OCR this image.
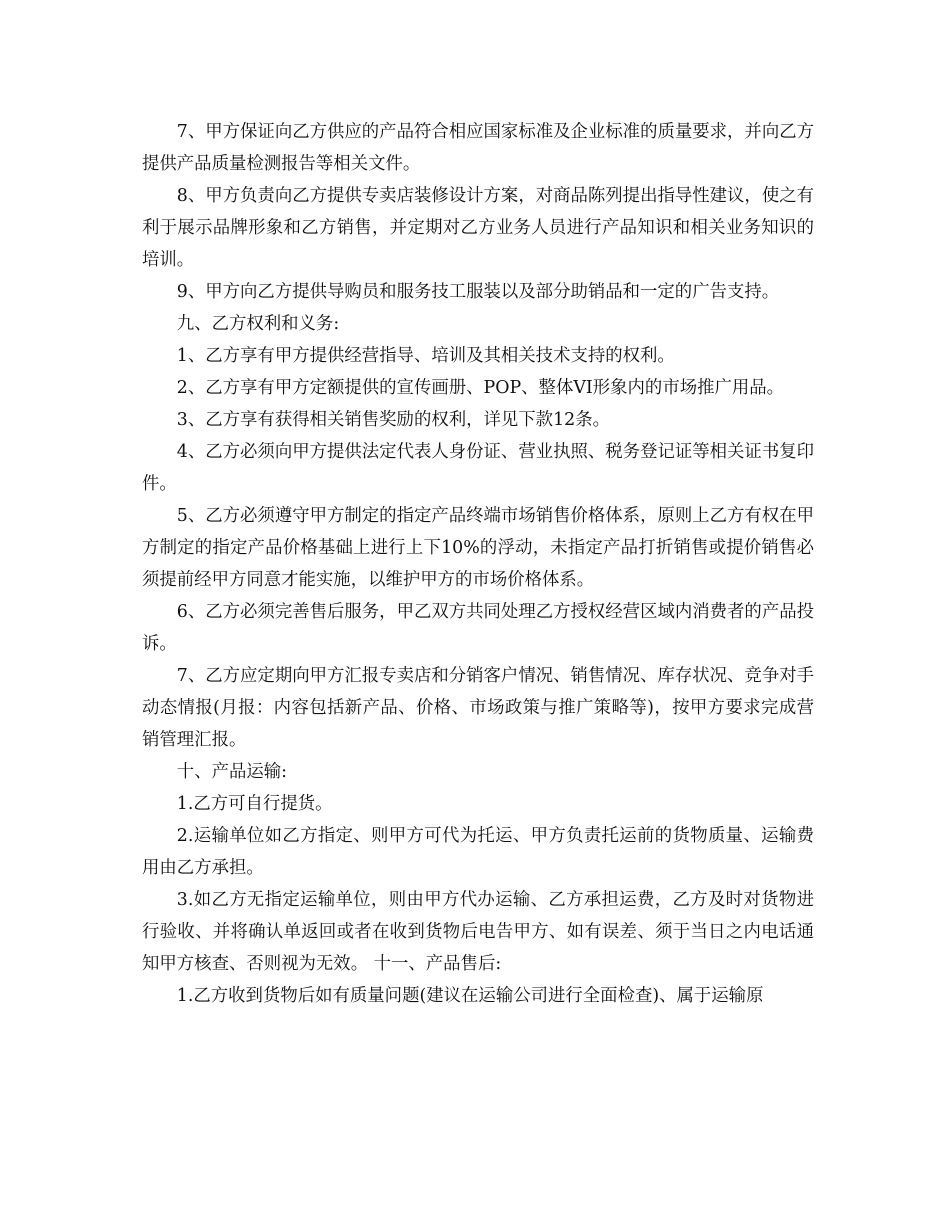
7、甲方保证向乙方供应的产品符合相应国家标准及企业标准的质量要求，并向乙方提供产品质量检测报告等相关文件。

8、甲方负责向乙方提供专卖店装修设计方案，对商品陈列提出指导性建议，使之有利于展示品牌形象和乙方销售，并定期对乙方业务人员进行产品知识和相关业务知识的培训。

9、甲方向乙方提供导购员和服务技工服装以及部分助销品和一定的广告支持。

九、乙方权利和义务:

1、乙方享有甲方提供经营指导、培训及其相关技术支持的权利。

2、乙方享有甲方定额提供的宣传画册、POP、整体VI形象内的市场推广用品。

3、乙方享有获得相关销售奖励的权利，详见下款12条。

4、乙方必须向甲方提供法定代表人身份证、营业执照、税务登记证等相关证书复印件。

5、乙方必须遵守甲方制定的指定产品终端市场销售价格体系，原则上乙方有权在甲方制定的指定产品价格基础上进行上下10%的浮动，未指定产品打折销售或提价销售必须提前经甲方同意才能实施，以维护甲方的市场价格体系。

6、乙方必须完善售后服务，甲乙双方共同处理乙方授权经营区域内消费者的产品投诉。

7、乙方应定期向甲方汇报专卖店和分销客户情况、销售情况、库存状况、竞争对手动态情报(月报：内容包括新产品、价格、市场政策与推广策略等)，按甲方要求完成营销管理汇报。

十、产品运输:

1.乙方可自行提货。

2.运输单位如乙方指定、则甲方可代为托运、甲方负责托运前的货物质量、运输费用由乙方承担。

3.如乙方无指定运输单位，则由甲方代办运输、乙方承担运费，乙方及时对货物进行验收、并将确认单返回或者在收到货物后电告甲方、如有误差、须于当日之内电话通知甲方核查、否则视为无效。 十一、产品售后:

1.乙方收到货物后如有质量问题(建议在运输公司进行全面检查)、属于运输原
